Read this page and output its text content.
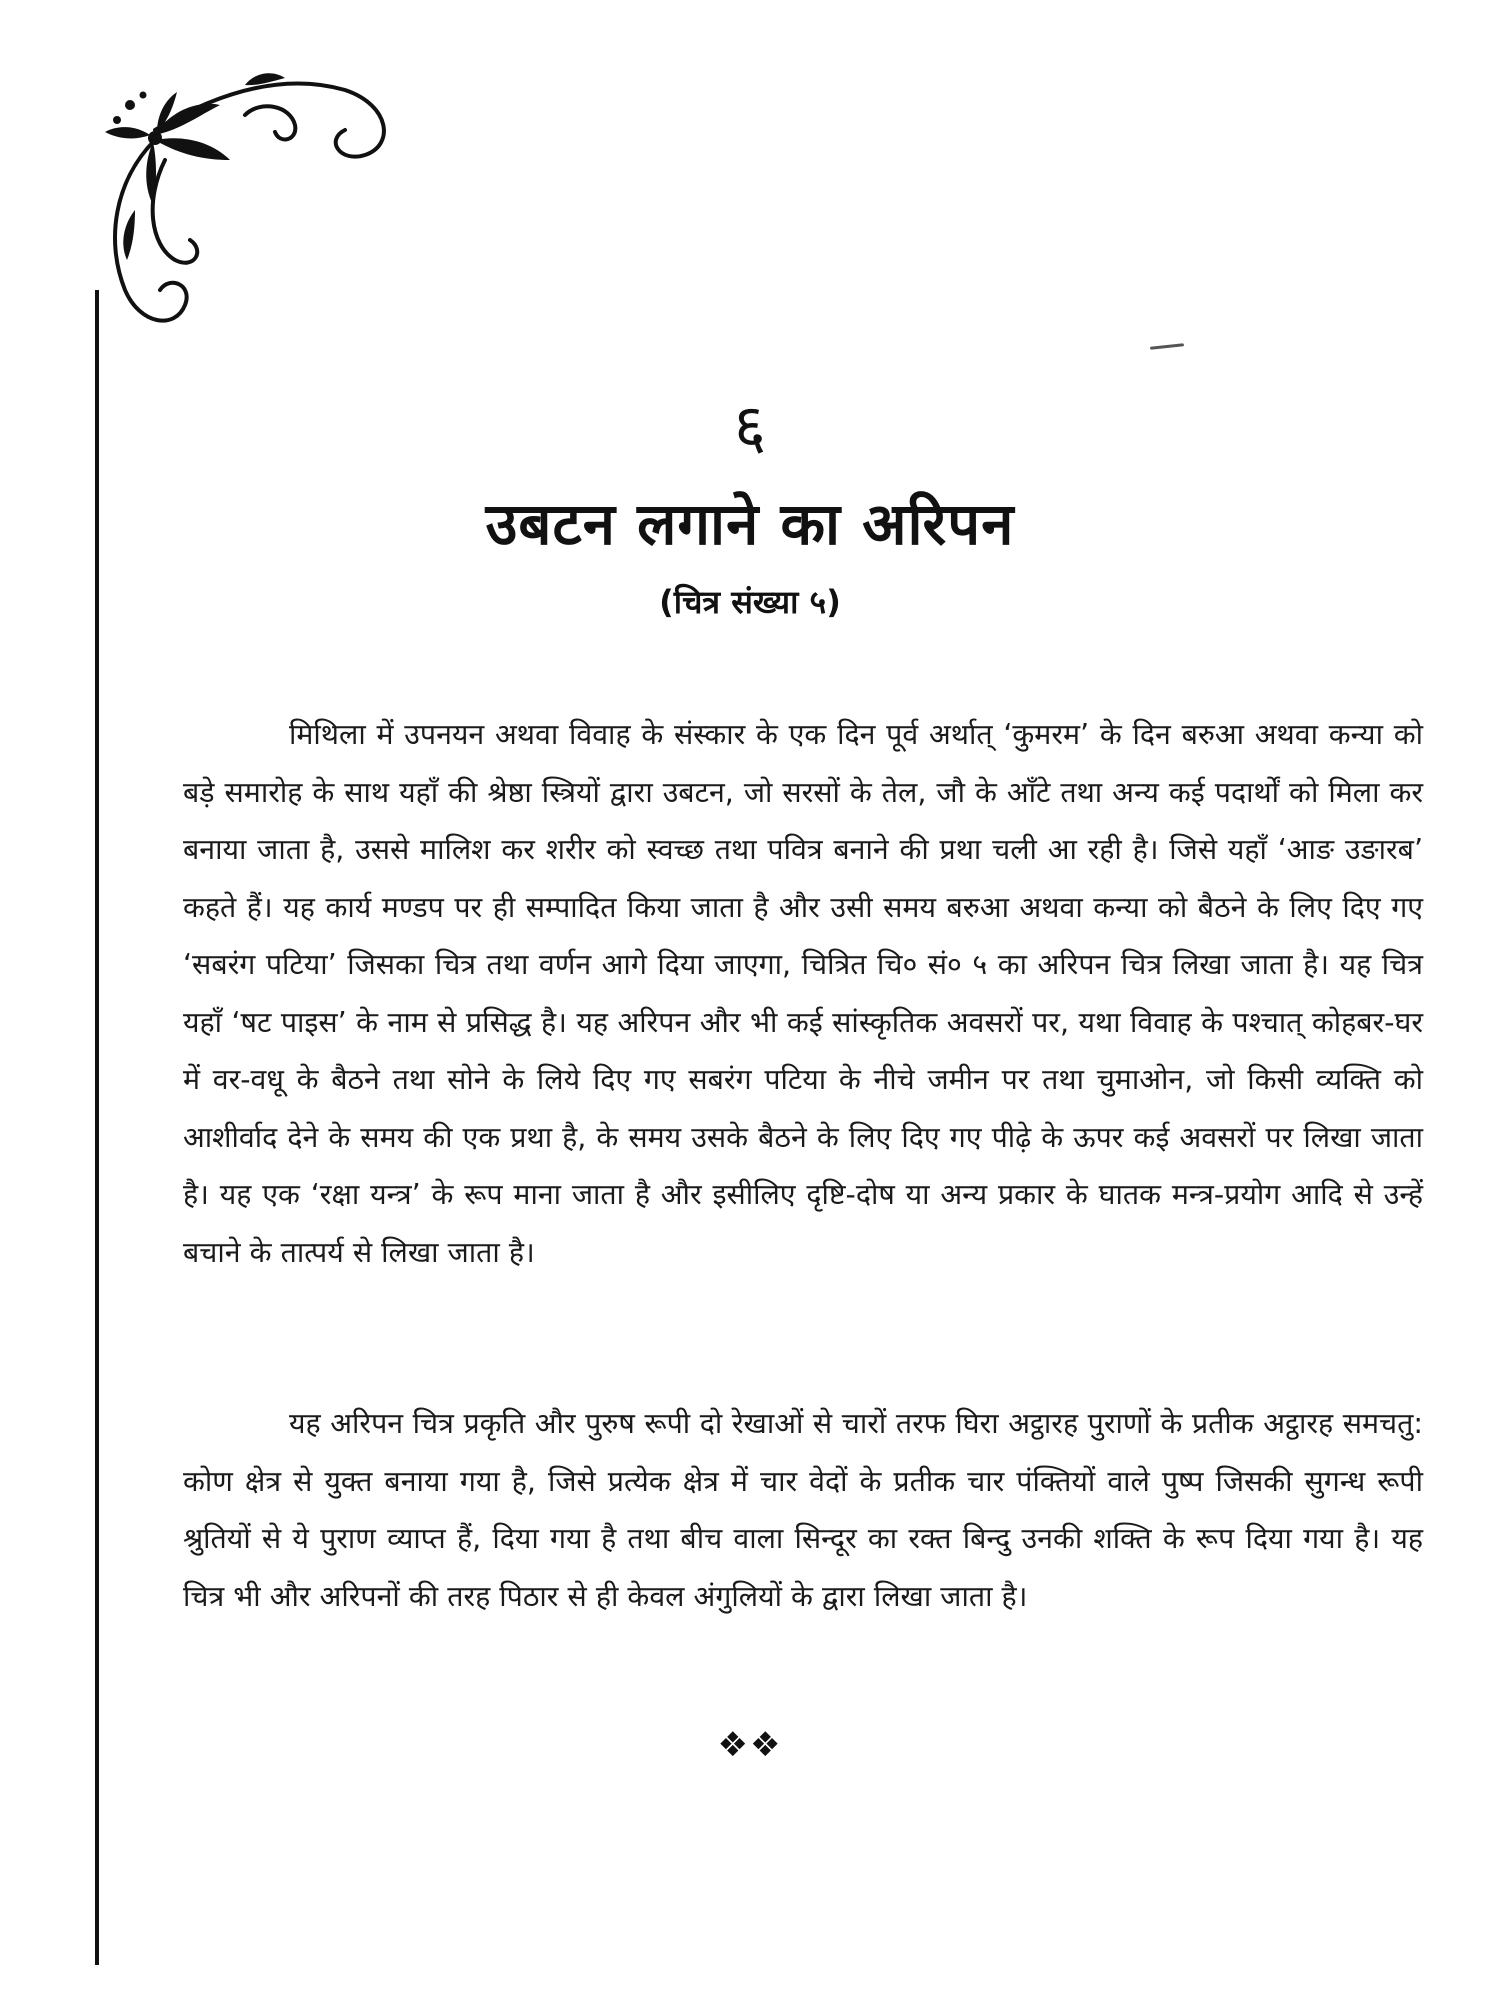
६
उबटन लगाने का अरिपन
(चित्र संख्या ५)

मिथिला में उपनयन अथवा विवाह के संस्कार के एक दिन पूर्व अर्थात् ‘कुमरम’ के दिन बरुआ अथवा कन्या को बड़े समारोह के साथ यहाँ की श्रेष्ठा स्त्रियों द्वारा उबटन, जो सरसों के तेल, जौ के आँटे तथा अन्य कई पदार्थों को मिला कर बनाया जाता है, उससे मालिश कर शरीर को स्वच्छ तथा पवित्र बनाने की प्रथा चली आ रही है। जिसे यहाँ ‘आङ उङारब’ कहते हैं। यह कार्य मण्डप पर ही सम्पादित किया जाता है और उसी समय बरुआ अथवा कन्या को बैठने के लिए दिए गए ‘सबरंग पटिया’ जिसका चित्र तथा वर्णन आगे दिया जाएगा, चित्रित चि० सं० ५ का अरिपन चित्र लिखा जाता है। यह चित्र यहाँ ‘षट पाइस’ के नाम से प्रसिद्ध है। यह अरिपन और भी कई सांस्कृतिक अवसरों पर, यथा विवाह के पश्चात् कोहबर-घर में वर-वधू के बैठने तथा सोने के लिये दिए गए सबरंग पटिया के नीचे जमीन पर तथा चुमाओन, जो किसी व्यक्ति को आशीर्वाद देने के समय की एक प्रथा है, के समय उसके बैठने के लिए दिए गए पीढ़े के ऊपर कई अवसरों पर लिखा जाता है। यह एक ‘रक्षा यन्त्र’ के रूप माना जाता है और इसीलिए दृष्टि-दोष या अन्य प्रकार के घातक मन्त्र-प्रयोग आदि से उन्हें बचाने के तात्पर्य से लिखा जाता है।

यह अरिपन चित्र प्रकृति और पुरुष रूपी दो रेखाओं से चारों तरफ घिरा अट्ठारह पुराणों के प्रतीक अट्ठारह समचतु: कोण क्षेत्र से युक्त बनाया गया है, जिसे प्रत्येक क्षेत्र में चार वेदों के प्रतीक चार पंक्तियों वाले पुष्प जिसकी सुगन्ध रूपी श्रुतियों से ये पुराण व्याप्त हैं, दिया गया है तथा बीच वाला सिन्दूर का रक्त बिन्दु उनकी शक्ति के रूप दिया गया है। यह चित्र भी और अरिपनों की तरह पिठार से ही केवल अंगुलियों के द्वारा लिखा जाता है।

❖❖
